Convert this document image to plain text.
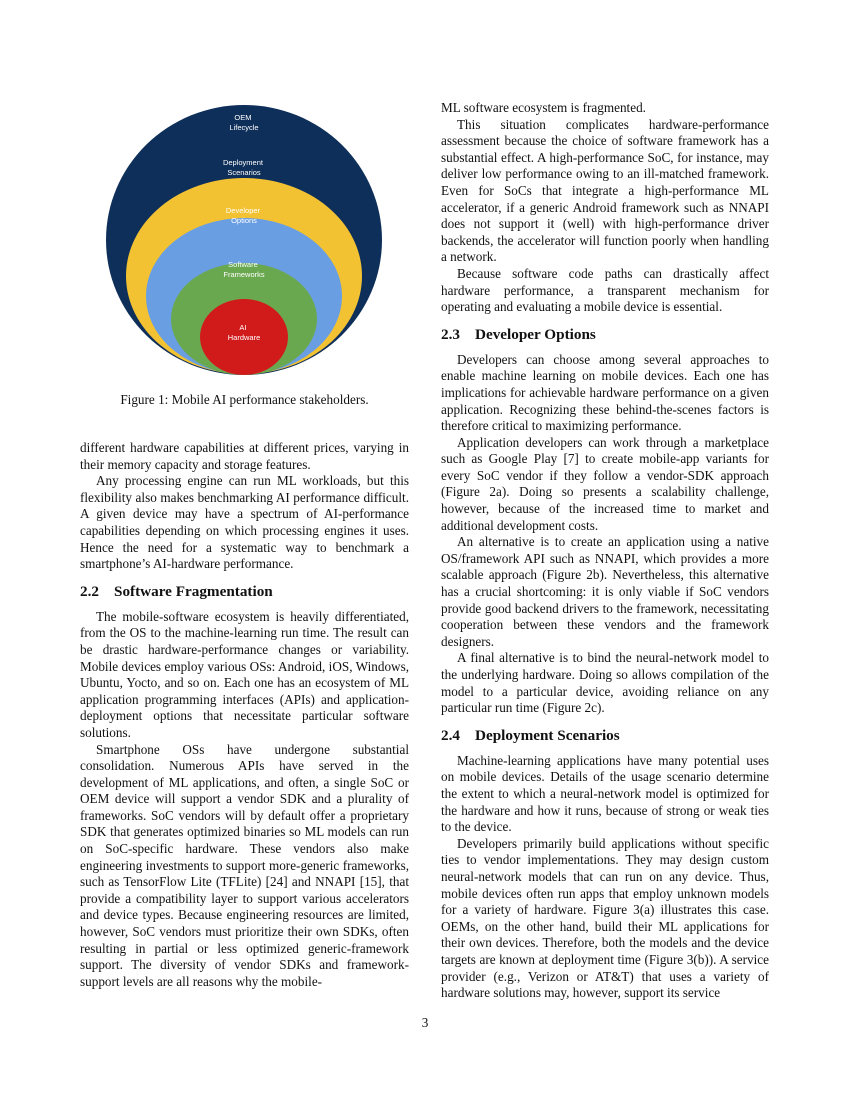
OEM Lifecycle
Deployment Scenarios
Developer Options
Software Frameworks
AI Hardware
Figure 1: Mobile AI performance stakeholders.

different hardware capabilities at different prices, varying in their memory capacity and storage features.

Any processing engine can run ML workloads, but this flexibility also makes benchmarking AI performance difficult. A given device may have a spectrum of AI-performance capabilities depending on which processing engines it uses. Hence the need for a systematic way to benchmark a smartphone’s AI-hardware performance.

2.2 Software Fragmentation

The mobile-software ecosystem is heavily differentiated, from the OS to the machine-learning run time. The result can be drastic hardware-performance changes or variability. Mobile devices employ various OSs: Android, iOS, Windows, Ubuntu, Yocto, and so on. Each one has an ecosystem of ML application programming interfaces (APIs) and application-deployment options that necessitate particular software solutions.

Smartphone OSs have undergone substantial consolidation. Numerous APIs have served in the development of ML applications, and often, a single SoC or OEM device will support a vendor SDK and a plurality of frameworks. SoC vendors will by default offer a proprietary SDK that generates optimized binaries so ML models can run on SoC-specific hardware. These vendors also make engineering investments to support more-generic frameworks, such as TensorFlow Lite (TFLite) [24] and NNAPI [15], that provide a compatibility layer to support various accelerators and device types. Because engineering resources are limited, however, SoC vendors must prioritize their own SDKs, often resulting in partial or less optimized generic-framework support. The diversity of vendor SDKs and framework-support levels are all reasons why the mobile-

ML software ecosystem is fragmented.

This situation complicates hardware-performance assessment because the choice of software framework has a substantial effect. A high-performance SoC, for instance, may deliver low performance owing to an ill-matched framework. Even for SoCs that integrate a high-performance ML accelerator, if a generic Android framework such as NNAPI does not support it (well) with high-performance driver backends, the accelerator will function poorly when handling a network.

Because software code paths can drastically affect hardware performance, a transparent mechanism for operating and evaluating a mobile device is essential.

2.3 Developer Options

Developers can choose among several approaches to enable machine learning on mobile devices. Each one has implications for achievable hardware performance on a given application. Recognizing these behind-the-scenes factors is therefore critical to maximizing performance.

Application developers can work through a marketplace such as Google Play [7] to create mobile-app variants for every SoC vendor if they follow a vendor-SDK approach (Figure 2a). Doing so presents a scalability challenge, however, because of the increased time to market and additional development costs.

An alternative is to create an application using a native OS/framework API such as NNAPI, which provides a more scalable approach (Figure 2b). Nevertheless, this alternative has a crucial shortcoming: it is only viable if SoC vendors provide good backend drivers to the framework, necessitating cooperation between these vendors and the framework designers.

A final alternative is to bind the neural-network model to the underlying hardware. Doing so allows compilation of the model to a particular device, avoiding reliance on any particular run time (Figure 2c).

2.4 Deployment Scenarios

Machine-learning applications have many potential uses on mobile devices. Details of the usage scenario determine the extent to which a neural-network model is optimized for the hardware and how it runs, because of strong or weak ties to the device.

Developers primarily build applications without specific ties to vendor implementations. They may design custom neural-network models that can run on any device. Thus, mobile devices often run apps that employ unknown models for a variety of hardware. Figure 3(a) illustrates this case. OEMs, on the other hand, build their ML applications for their own devices. Therefore, both the models and the device targets are known at deployment time (Figure 3(b)). A service provider (e.g., Verizon or AT&T) that uses a variety of hardware solutions may, however, support its service

3
